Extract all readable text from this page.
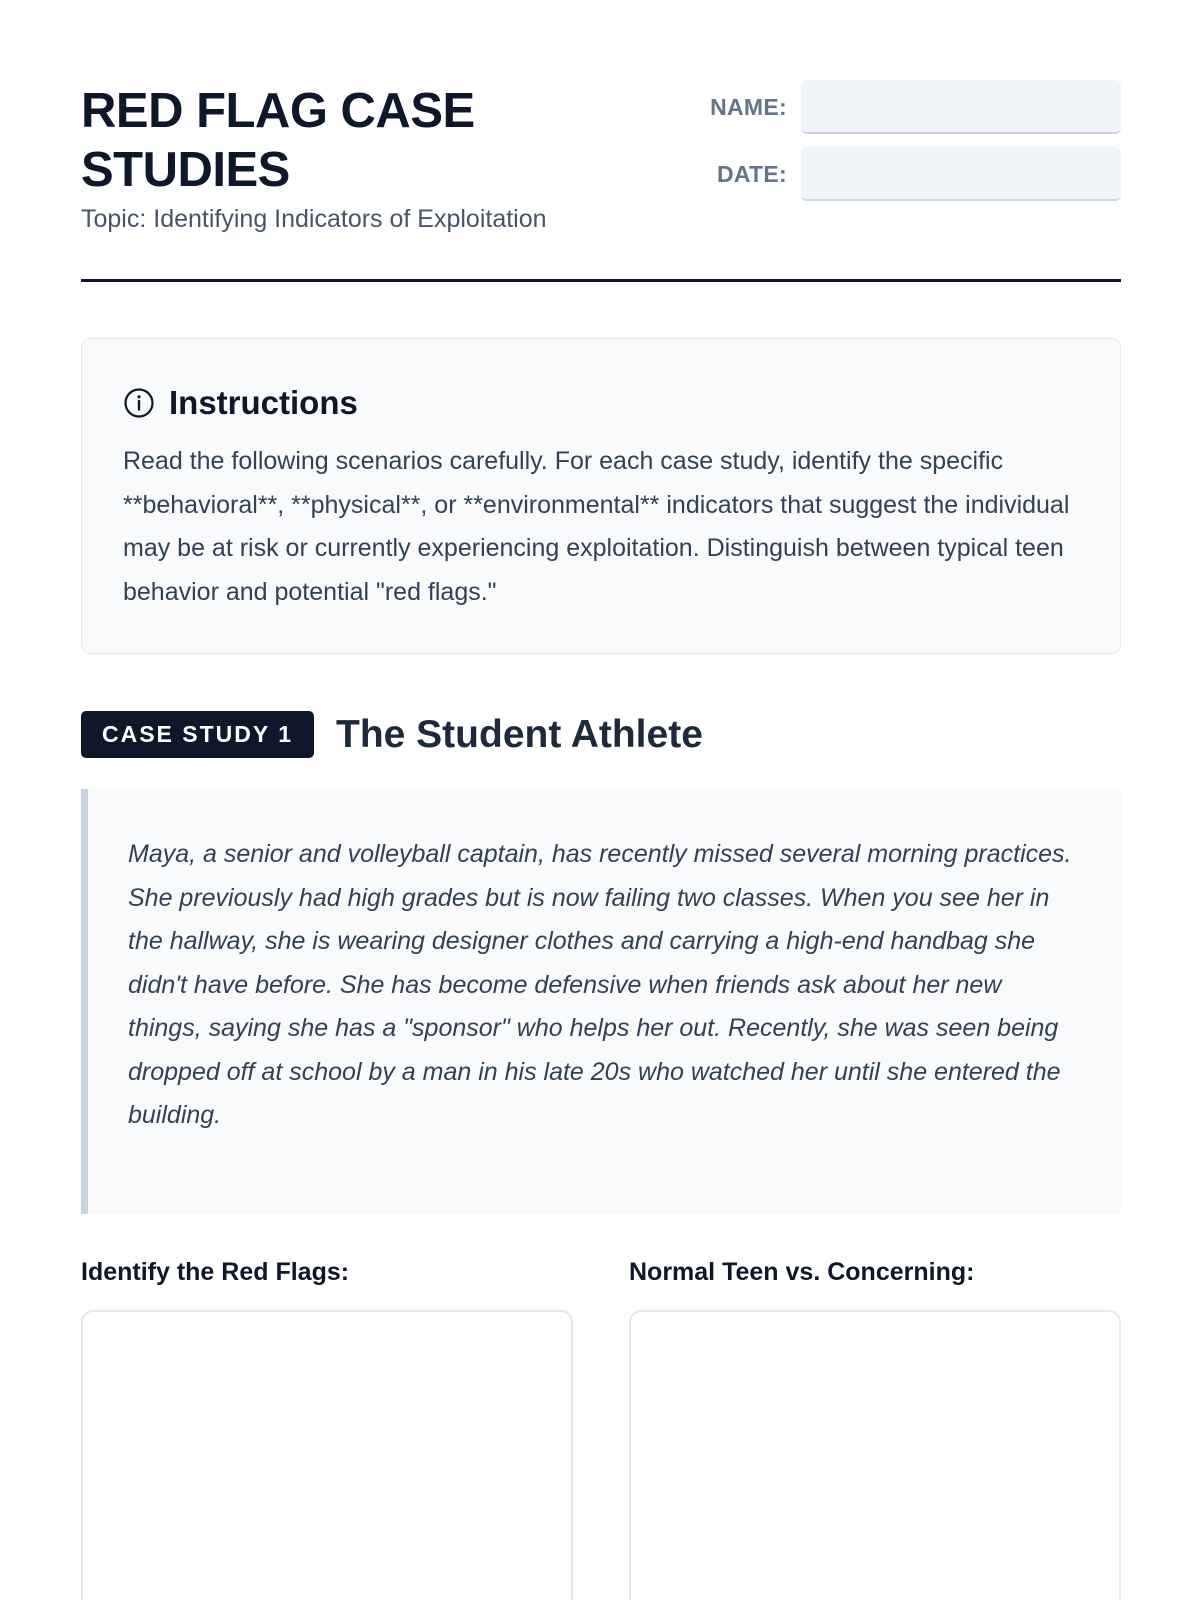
RED FLAG CASE STUDIES
Topic: Identifying Indicators of Exploitation
NAME:
DATE:
Instructions

Read the following scenarios carefully. For each case study, identify the specific **behavioral**, **physical**, or **environmental** indicators that suggest the individual may be at risk or currently experiencing exploitation. Distinguish between typical teen behavior and potential "red flags."

CASE STUDY 1	The Student Athlete

Maya, a senior and volleyball captain, has recently missed several morning practices. She previously had high grades but is now failing two classes. When you see her in the hallway, she is wearing designer clothes and carrying a high-end handbag she didn't have before. She has become defensive when friends ask about her new things, saying she has a "sponsor" who helps her out. Recently, she was seen being dropped off at school by a man in his late 20s who watched her until she entered the building.

Identify the Red Flags:	Normal Teen vs. Concerning:
